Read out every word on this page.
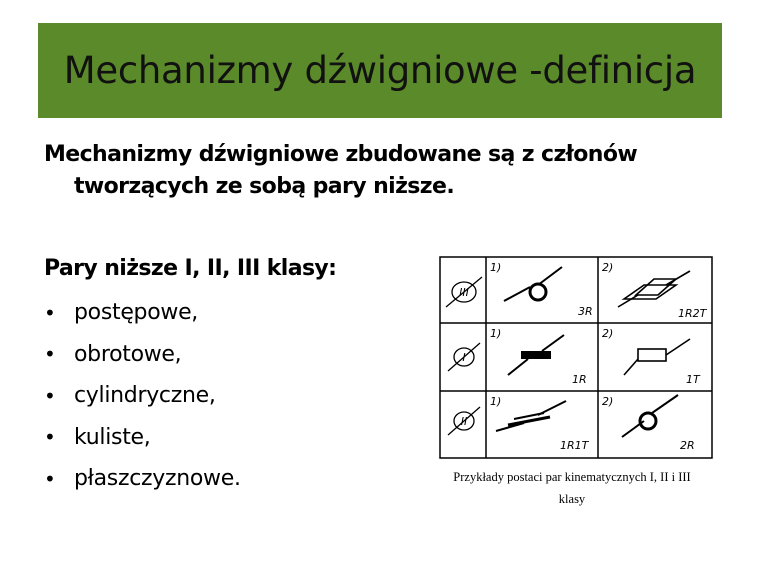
Mechanizmy dźwigniowe -definicja
Mechanizmy dźwigniowe zbudowane są z członów
tworzących ze sobą pary niższe.
Pary niższe I, II, III klasy:
• postępowe,
• obrotowe,
• cylindryczne,
• kuliste,
• płaszczyznowe.
III
1)
3R
2)
1R2T
I
1)
1R
2)
1T
II
1)
1R1T
2)
2R
Przykłady postaci par kinematycznych I, II i III
klasy
